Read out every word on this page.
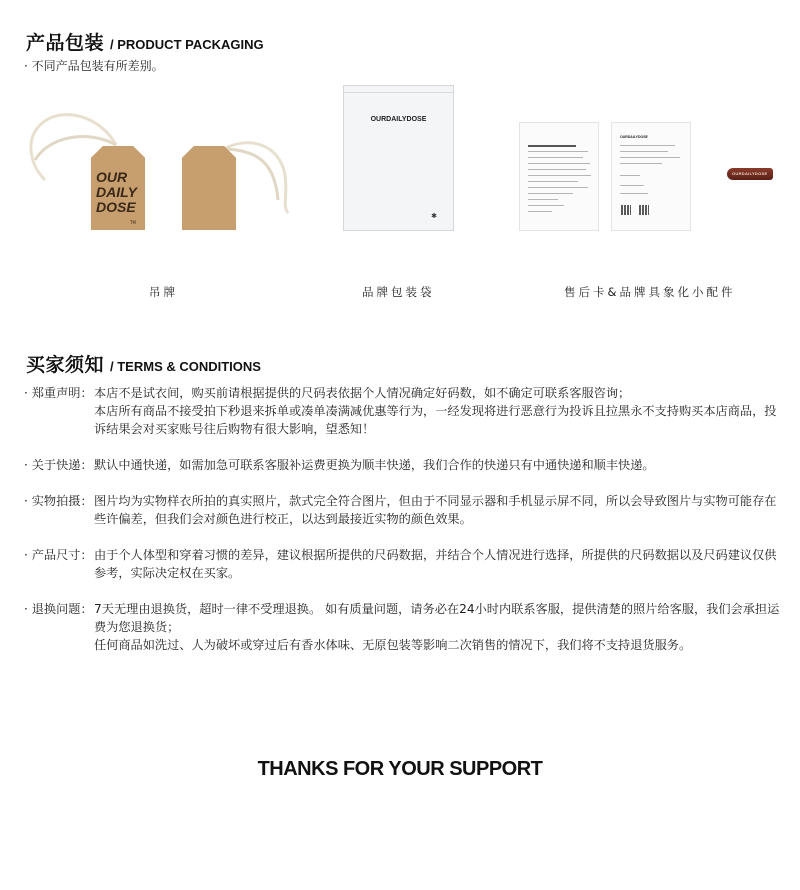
产品包装 / PRODUCT PACKAGING
· 不同产品包装有所差别。
OUR
DAILY
DOSE
TM
吊牌
OURDAILYDOSE
✱
品牌包装袋
OURDAILYDOSE
OURDAILYDOSE
售后卡&品牌具象化小配件
买家须知 / TERMS & CONDITIONS
· 郑重声明： 本店不是试衣间，购买前请根据提供的尺码表依据个人情况确定好码数，如不确定可联系客服咨询；

本店所有商品不接受拍下秒退来拆单或凑单凑满减优惠等行为，一经发现将进行恶意行为投诉且拉黑永不支持购买本店商品，投诉结果会对买家账号往后购物有很大影响，望悉知！

· 关于快递： 默认中通快递，如需加急可联系客服补运费更换为顺丰快递，我们合作的快递只有中通快递和顺丰快递。

· 实物拍摄： 图片均为实物样衣所拍的真实照片，款式完全符合图片，但由于不同显示器和手机显示屏不同，所以会导致图片与实物可能存在些许偏差，但我们会对颜色进行校正，以达到最接近实物的颜色效果。

· 产品尺寸： 由于个人体型和穿着习惯的差异，建议根据所提供的尺码数据，并结合个人情况进行选择，所提供的尺码数据以及尺码建议仅供参考，实际决定权在买家。

· 退换问题： 7天无理由退换货，超时一律不受理退换。 如有质量问题，请务必在24小时内联系客服，提供清楚的照片给客服，我们会承担运费为您退换货；

任何商品如洗过、人为破坏或穿过后有香水体味、无原包装等影响二次销售的情况下，我们将不支持退货服务。

THANKS FOR YOUR SUPPORT
